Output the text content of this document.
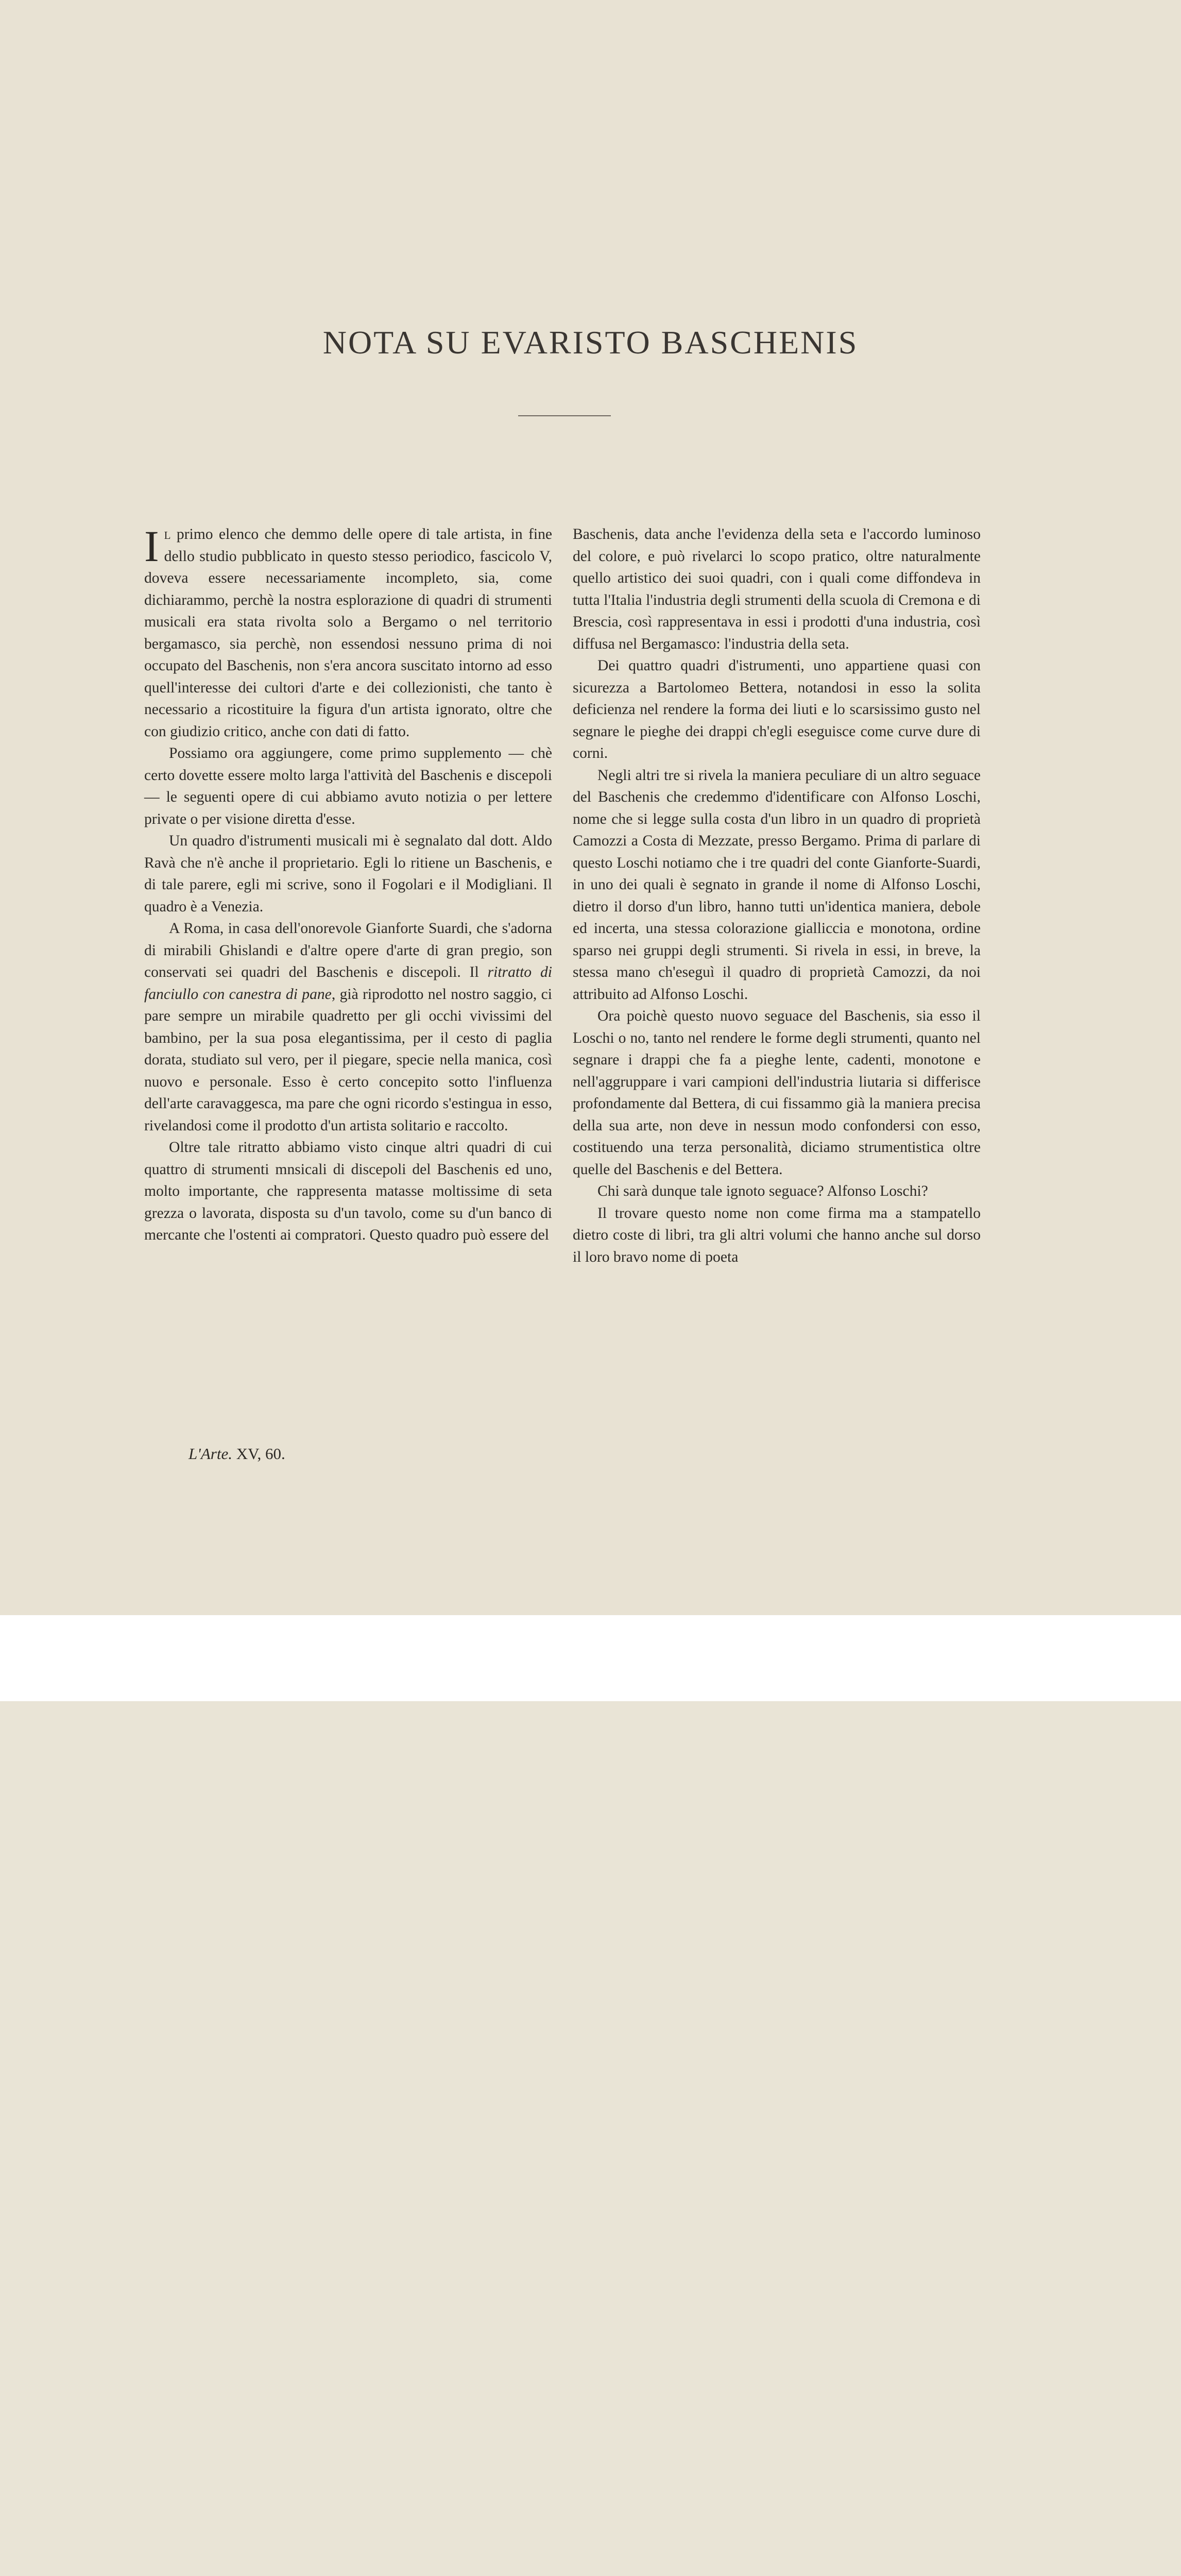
NOTA SU EVARISTO BASCHENIS

Il primo elenco che demmo delle opere di tale artista, in fine dello studio pubblicato in questo stesso periodico, fascicolo V, doveva essere necessariamente incompleto, sia, come dichiarammo, perchè la nostra esplorazione di quadri di strumenti musicali era stata rivolta solo a Bergamo o nel territorio bergamasco, sia perchè, non essendosi nessuno prima di noi occupato del Baschenis, non s'era ancora suscitato intorno ad esso quell'interesse dei cultori d'arte e dei collezionisti, che tanto è necessario a ricostituire la figura d'un artista ignorato, oltre che con giudizio critico, anche con dati di fatto.

Possiamo ora aggiungere, come primo supplemento — chè certo dovette essere molto larga l'attività del Baschenis e discepoli — le seguenti opere di cui abbiamo avuto notizia o per lettere private o per visione diretta d'esse.

Un quadro d'istrumenti musicali mi è segnalato dal dott. Aldo Ravà che n'è anche il proprietario. Egli lo ritiene un Baschenis, e di tale parere, egli mi scrive, sono il Fogolari e il Modigliani. Il quadro è a Venezia.

A Roma, in casa dell'onorevole Gianforte Suardi, che s'adorna di mirabili Ghislandi e d'altre opere d'arte di gran pregio, son conservati sei quadri del Baschenis e discepoli. Il ritratto di fanciullo con canestra di pane, già riprodotto nel nostro saggio, ci pare sempre un mirabile quadretto per gli occhi vivissimi del bambino, per la sua posa elegantissima, per il cesto di paglia dorata, studiato sul vero, per il piegare, specie nella manica, così nuovo e personale. Esso è certo concepito sotto l'influenza dell'arte caravaggesca, ma pare che ogni ricordo s'estingua in esso, rivelandosi come il prodotto d'un artista solitario e raccolto.

Oltre tale ritratto abbiamo visto cinque altri quadri di cui quattro di strumenti mnsicali di discepoli del Baschenis ed uno, molto importante, che rappresenta matasse moltissime di seta grezza o lavorata, disposta su d'un tavolo, come su d'un banco di mercante che l'ostenti ai compratori. Questo quadro può essere del

Baschenis, data anche l'evidenza della seta e l'accordo luminoso del colore, e può rivelarci lo scopo pratico, oltre naturalmente quello artistico dei suoi quadri, con i quali come diffondeva in tutta l'Italia l'industria degli strumenti della scuola di Cremona e di Brescia, così rappresentava in essi i prodotti d'una industria, così diffusa nel Bergamasco: l'industria della seta.

Dei quattro quadri d'istrumenti, uno appartiene quasi con sicurezza a Bartolomeo Bettera, notandosi in esso la solita deficienza nel rendere la forma dei liuti e lo scarsissimo gusto nel segnare le pieghe dei drappi ch'egli eseguisce come curve dure di corni.

Negli altri tre si rivela la maniera peculiare di un altro seguace del Baschenis che credemmo d'identificare con Alfonso Loschi, nome che si legge sulla costa d'un libro in un quadro di proprietà Camozzi a Costa di Mezzate, presso Bergamo. Prima di parlare di questo Loschi notiamo che i tre quadri del conte Gianforte-Suardi, in uno dei quali è segnato in grande il nome di Alfonso Loschi, dietro il dorso d'un libro, hanno tutti un'identica maniera, debole ed incerta, una stessa colorazione gialliccia e monotona, ordine sparso nei gruppi degli strumenti. Si rivela in essi, in breve, la stessa mano ch'eseguì il quadro di proprietà Camozzi, da noi attribuito ad Alfonso Loschi.

Ora poichè questo nuovo seguace del Baschenis, sia esso il Loschi o no, tanto nel rendere le forme degli strumenti, quanto nel segnare i drappi che fa a pieghe lente, cadenti, monotone e nell'aggruppare i vari campioni dell'industria liutaria si differisce profondamente dal Bettera, di cui fissammo già la maniera precisa della sua arte, non deve in nessun modo confondersi con esso, costituendo una terza personalità, diciamo strumentistica oltre quelle del Baschenis e del Bettera.

Chi sarà dunque tale ignoto seguace? Alfonso Loschi?

Il trovare questo nome non come firma ma a stampatello dietro coste di libri, tra gli altri volumi che hanno anche sul dorso il loro bravo nome di poeta

L'Arte. XV, 60.
